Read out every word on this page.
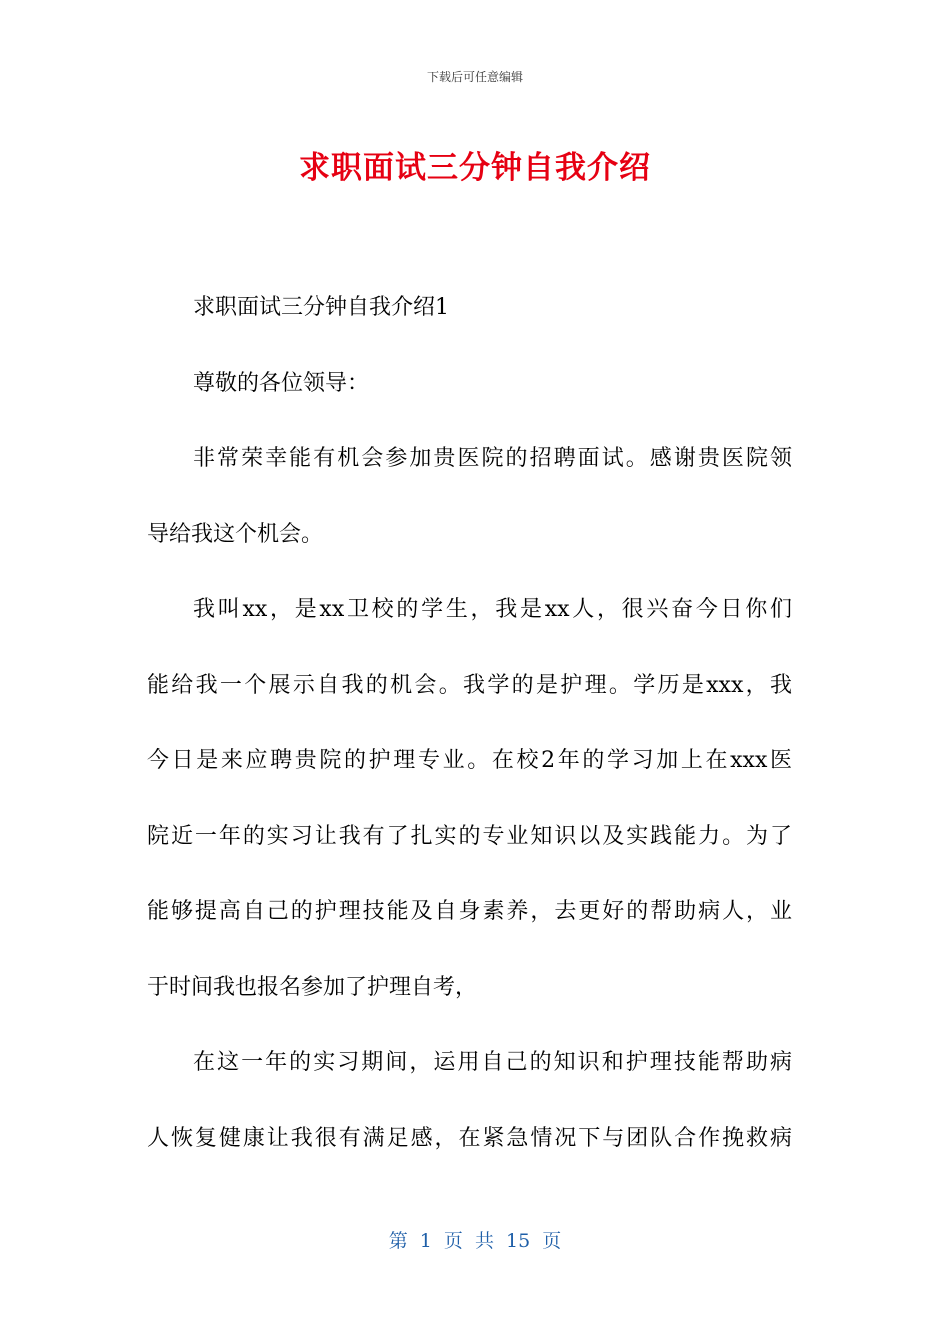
下载后可任意编辑
求职面试三分钟自我介绍

求职面试三分钟自我介绍1

尊敬的各位领导：

非常荣幸能有机会参加贵医院的招聘面试。感谢贵医院领

导给我这个机会。

我叫xx，是xx卫校的学生，我是xx人，很兴奋今日你们

能给我一个展示自我的机会。我学的是护理。学历是xxx，我

今日是来应聘贵院的护理专业。在校2年的学习加上在xxx医

院近一年的实习让我有了扎实的专业知识以及实践能力。为了

能够提高自己的护理技能及自身素养，去更好的帮助病人，业

于时间我也报名参加了护理自考，

在这一年的实习期间，运用自己的知识和护理技能帮助病

人恢复健康让我很有满足感，在紧急情况下与团队合作挽救病

第 1 页 共 15 页
